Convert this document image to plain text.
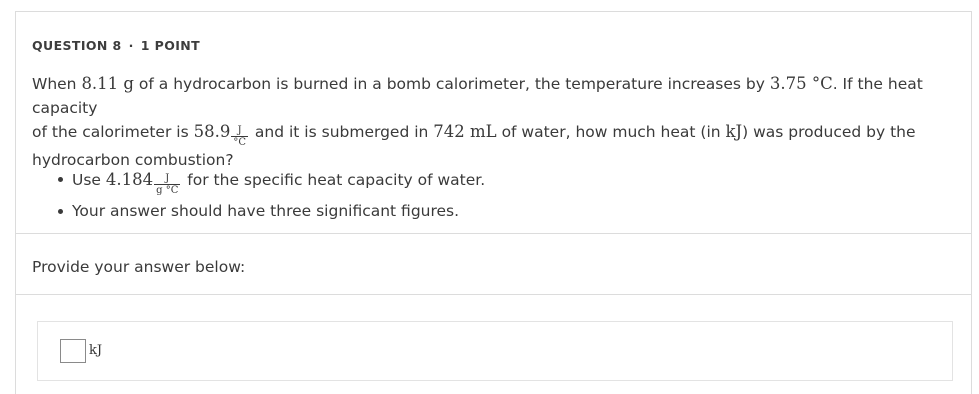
QUESTION 8 · 1 POINT
When 8.11 g of a hydrocarbon is burned in a bomb calorimeter, the temperature increases by 3.75 °C. If the heat capacity
of the calorimeter is $58.9 \frac{J}{^\circ C}$ and it is submerged in 742 mL of water, how much heat (in kJ) was produced by the
hydrocarbon combustion?
Use $4.184 \frac{J}{g ^\circ C}$ for the specific heat capacity of water.
Your answer should have three significant figures.
Provide your answer below:
kJ
